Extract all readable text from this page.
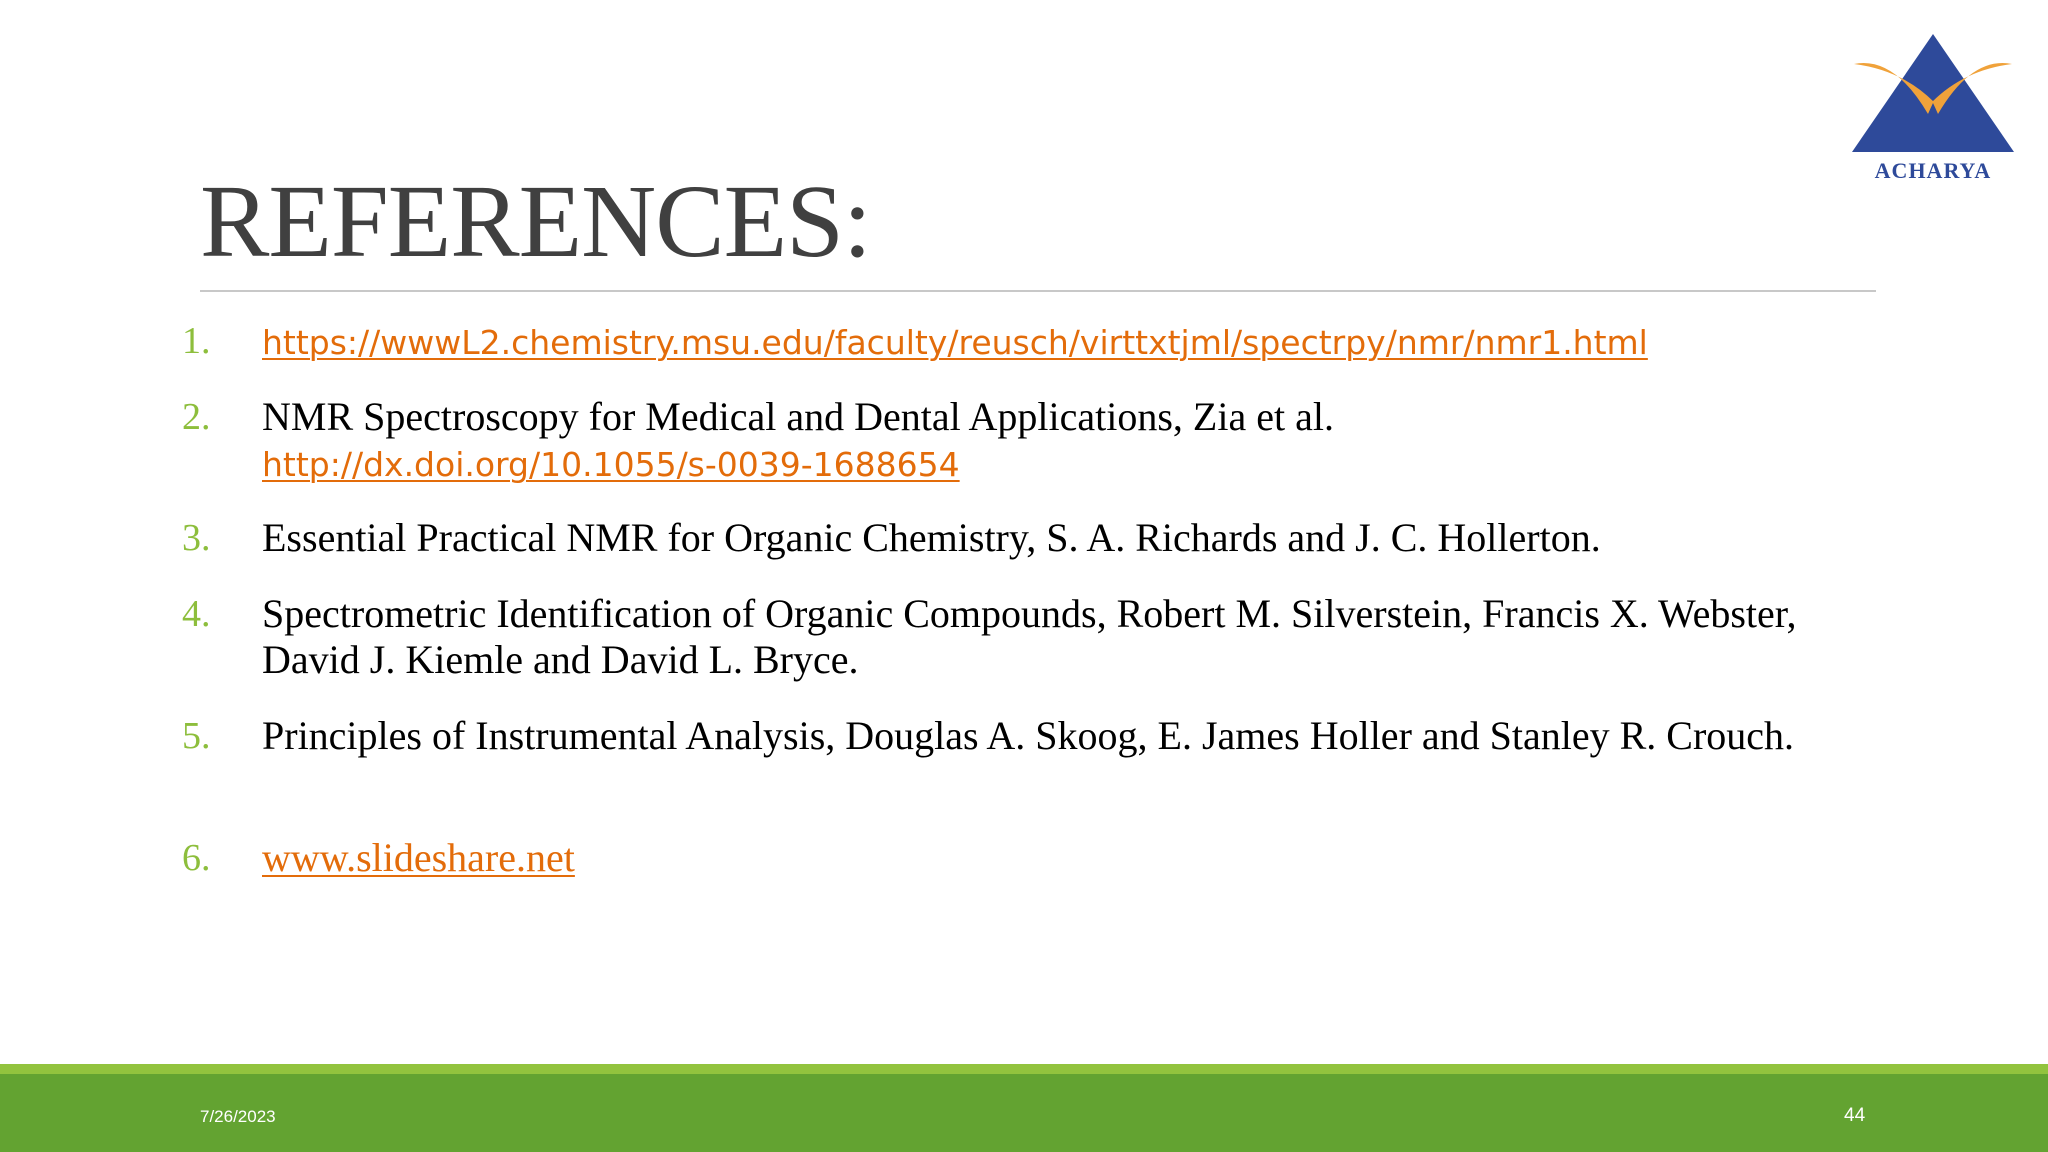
ACHARYA
REFERENCES:
1. https://wwwL2.chemistry.msu.edu/faculty/reusch/virttxtjml/spectrpy/nmr/nmr1.html
2. NMR Spectroscopy for Medical and Dental Applications, Zia et al.
http://dx.doi.org/10.1055/s-0039-1688654
3. Essential Practical NMR for Organic Chemistry, S. A. Richards and J. C. Hollerton.
4. Spectrometric Identification of Organic Compounds, Robert M. Silverstein, Francis X. Webster, David J. Kiemle and David L. Bryce.
5. Principles of Instrumental Analysis, Douglas A. Skoog, E. James Holler and Stanley R. Crouch.
6. www.slideshare.net
7/26/2023	44
